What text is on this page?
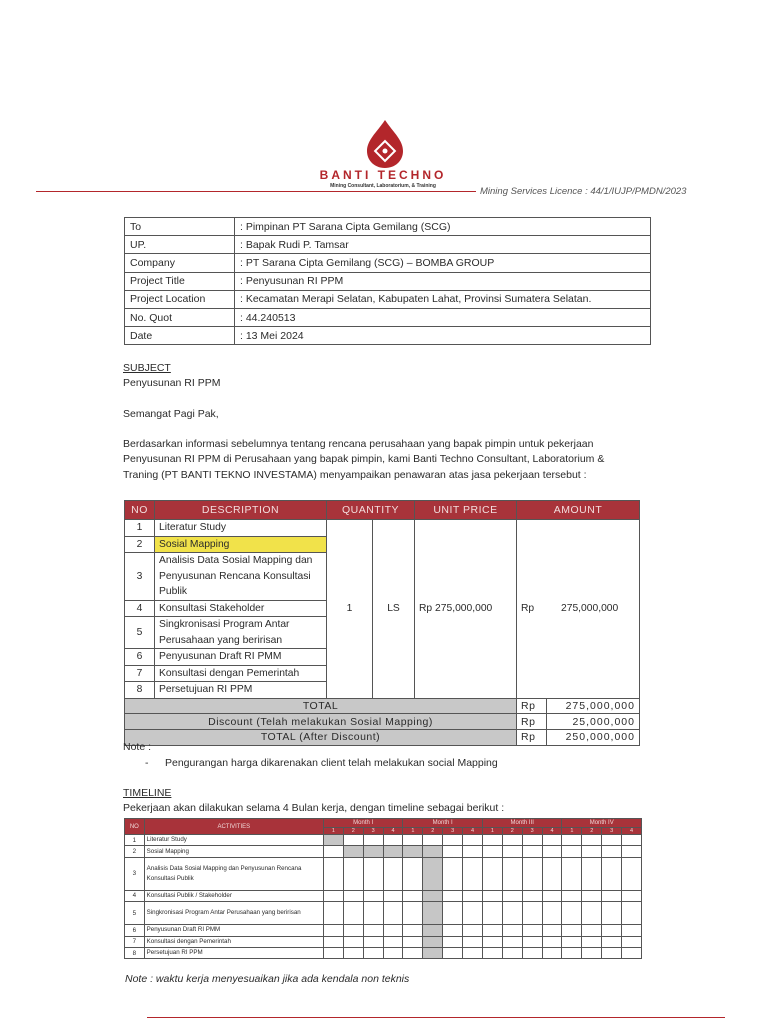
BANTI TECHNO
Mining Consultant, Laboratorium, & Training	Mining Services Licence : 44/1/IUJP/PMDN/2023
To	: Pimpinan PT Sarana Cipta Gemilang (SCG)
UP.	: Bapak Rudi P. Tamsar
Company	: PT Sarana Cipta Gemilang (SCG) – BOMBA GROUP
Project Title	: Penyusunan RI PPM
Project Location	: Kecamatan Merapi Selatan, Kabupaten Lahat, Provinsi Sumatera Selatan.
No. Quot	: 44.240513
Date	: 13 Mei 2024
SUBJECT
Penyusunan RI PPM
Semangat Pagi Pak,
Berdasarkan informasi sebelumnya tentang rencana perusahaan yang bapak pimpin untuk pekerjaan
Penyusunan RI PPM di Perusahaan yang bapak pimpin, kami Banti Techno Consultant, Laboratorium &
Traning (PT BANTI TEKNO INVESTAMA) menyampaikan penawaran atas jasa pekerjaan tersebut :
NO	DESCRIPTION	QUANTITY		UNIT PRICE	AMOUNT	
1	Literatur Study	1	LS	Rp 275,000,000	Rp 275,000,000	
2	Sosial Mapping					
3	Analisis Data Sosial Mapping dan Penyusunan Rencana Konsultasi Publik					
4	Konsultasi Stakeholder					
5	Singkronisasi Program Antar Perusahaan yang beririsan					
6	Penyusunan Draft RI PMM					
7	Konsultasi dengan Pemerintah					
8	Persetujuan RI PPM					
TOTAL					Rp	275,000,000
Discount (Telah melakukan Sosial Mapping)					Rp	25,000,000
TOTAL (After Discount)					Rp	250,000,000
Note :
- Pengurangan harga dikarenakan client telah melakukan social Mapping
TIMELINE
Pekerjaan akan dilakukan selama 4 Bulan kerja, dengan timeline sebagai berikut :
NO	ACTIVITIES	Month I				Month I				Month III				Month IV			
		1	2	3	4	1	2	3	4	1	2	3	4	1	2	3	4
1	Literatur Study																
2	Sosial Mapping																
3	Analisis Data Sosial Mapping dan Penyusunan Rencana Konsultasi Publik																
4	Konsultasi Publik / Stakeholder																
5	Singkronisasi Program Antar Perusahaan yang beririsan																
6	Penyusunan Draft RI PMM																
7	Konsultasi dengan Pemerintah																
8	Persetujuan RI PPM																
Note : waktu kerja menyesuaikan jika ada kendala non teknis
